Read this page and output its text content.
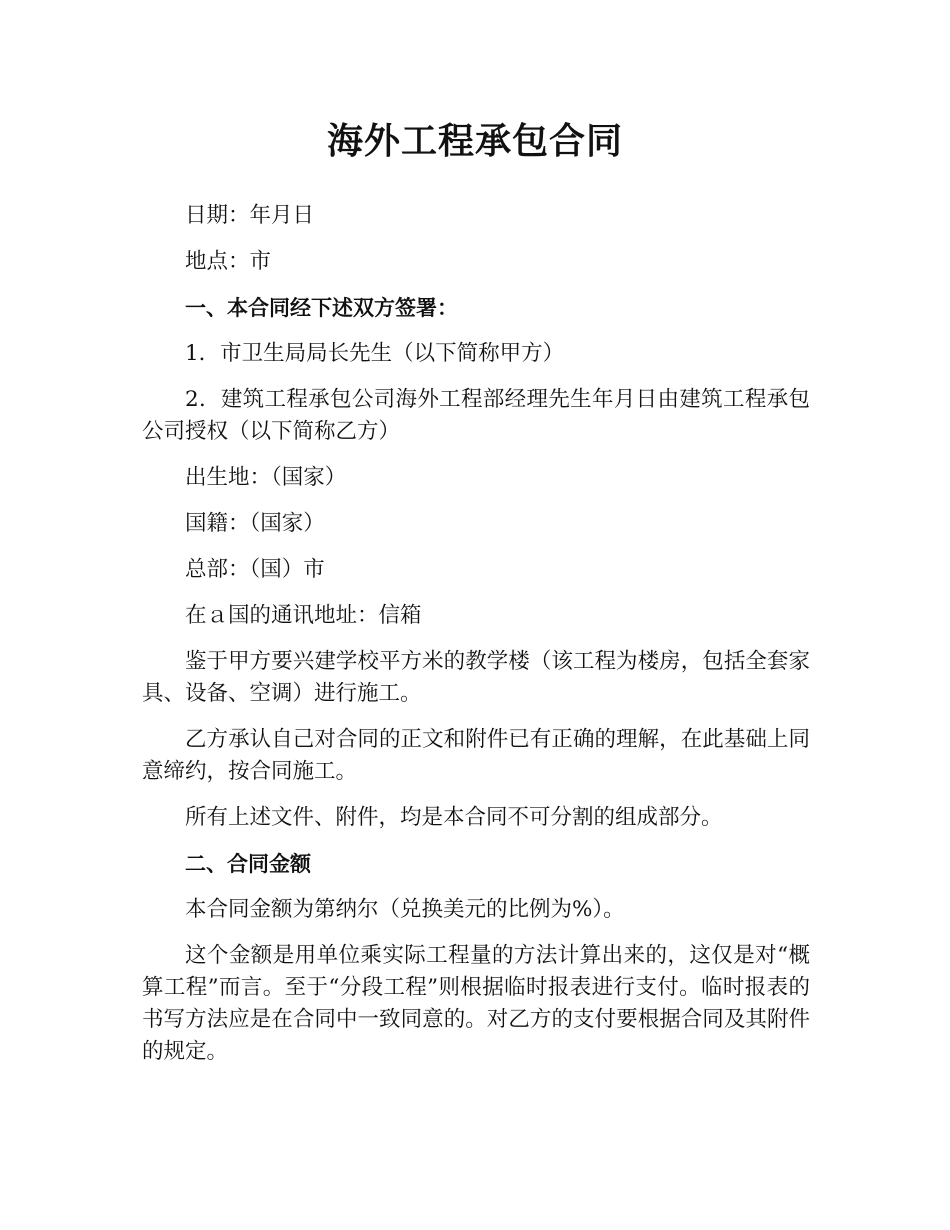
海外工程承包合同

日期：年月日

地点：市

一、本合同经下述双方签署：

1．市卫生局局长先生（以下简称甲方）

2．建筑工程承包公司海外工程部经理先生年月日由建筑工程承包公司授权（以下简称乙方）

出生地：（国家）

国籍：（国家）

总部：（国）市

在ａ国的通讯地址：信箱

鉴于甲方要兴建学校平方米的教学楼（该工程为楼房，包括全套家具、设备、空调）进行施工。

乙方承认自己对合同的正文和附件已有正确的理解，在此基础上同意缔约，按合同施工。

所有上述文件、附件，均是本合同不可分割的组成部分。

二、合同金额

本合同金额为第纳尔（兑换美元的比例为%）。

这个金额是用单位乘实际工程量的方法计算出来的，这仅是对“概算工程”而言。至于“分段工程”则根据临时报表进行支付。临时报表的书写方法应是在合同中一致同意的。对乙方的支付要根据合同及其附件的规定。
